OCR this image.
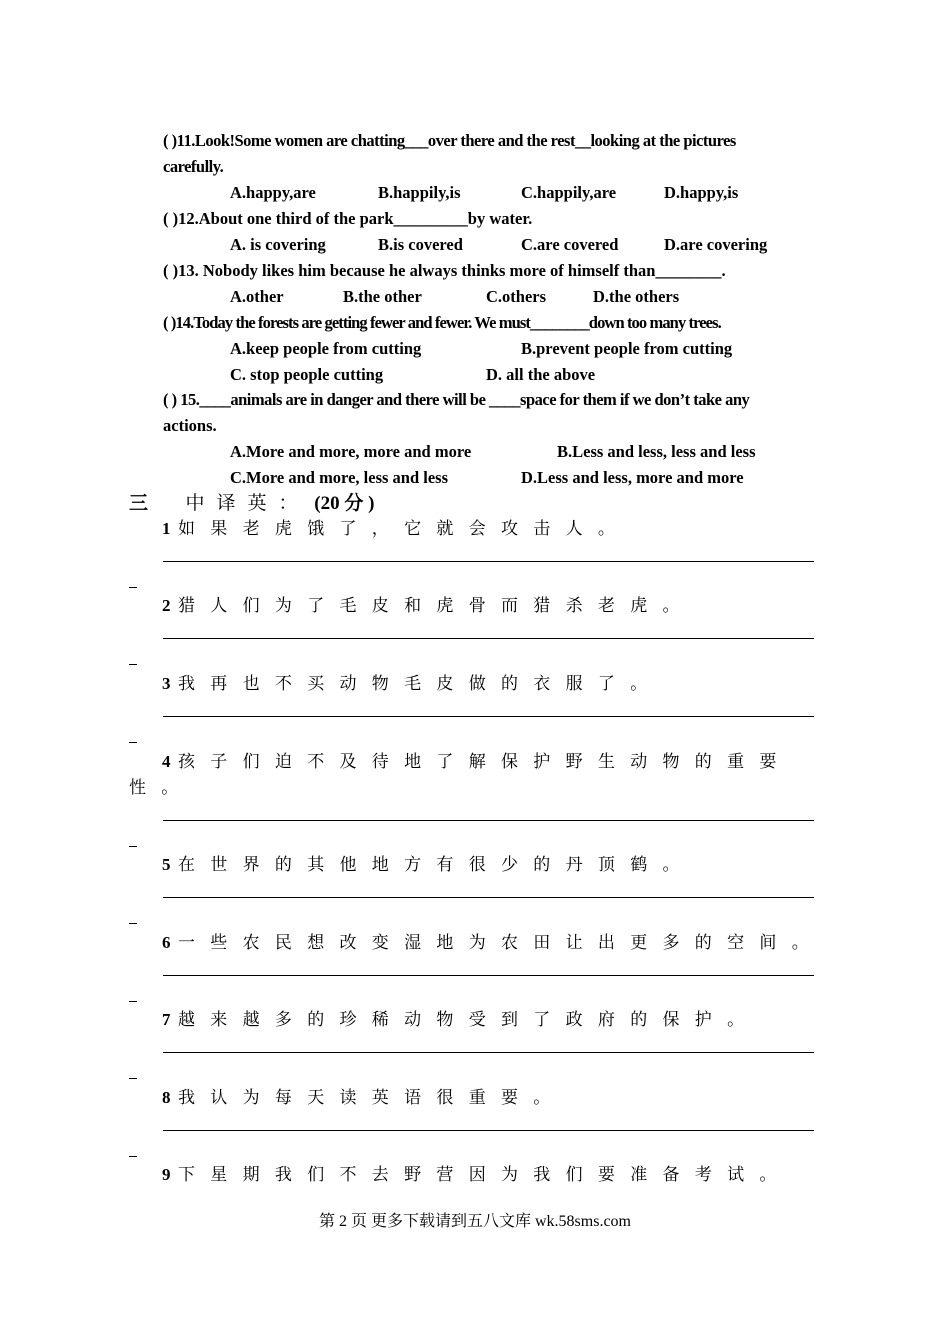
( )11.Look!Some women are chatting___over there and the rest__looking at the pictures
carefully.
A.happy,are	B.happily,is	C.happily,are	D.happy,is
( )12.About one third of the park_________by water.
A. is covering	B.is covered	C.are covered	D.are covering
( )13. Nobody likes him because he always thinks more of himself than________.
A.other	B.the other	C.others	D.the others
( )14.Today the forests are getting fewer and fewer. We must________down too many trees.
A.keep people from cutting	B.prevent people from cutting
C. stop people cutting	D. all the above
( ) 15.____animals are in danger and there will be ____space for them if we don’t take any
actions.
A.More and more, more and more	B.Less and less, less and less
C.More and more, less and less	D.Less and less, more and more
三 中译英： (20 分 )
1 如果老虎饿了，它就会攻击人。
2 猎人们为了毛皮和虎骨而猎杀老虎。
3 我再也不买动物毛皮做的衣服了。
4 孩子们迫不及待地了解保护野生动物的重要
性。
5 在世界的其他地方有很少的丹顶鹤。
6 一些农民想改变湿地为农田让出更多的空间。
7 越来越多的珍稀动物受到了政府的保护。
8 我认为每天读英语很重要。
9 下星期我们不去野营因为我们要准备考试。
第 2 页 更多下载请到五八文库 wk.58sms.com
